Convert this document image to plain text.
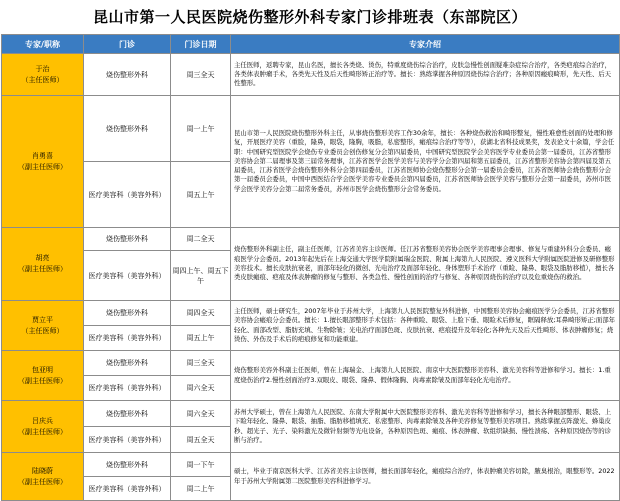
昆山市第一人民医院烧伤整形外科专家门诊排班表（东部院区）
专家/职称	门诊	门诊日期	专家介绍

于治
（主任医师）	烧伤整形外科	周三全天	主任医师，返聘专家，昆山名医，擅长各类烧、烫伤，特重度烧伤综合治疗，皮肤急慢性创面疑难杂症综合治疗，各类疤痕综合治疗，各类体表肿瘤手术，各类先天性及后天性畸形矫正治疗等。擅长：熟练掌握各种原因烧伤综合治疗；各种原因瘢痕畸形，先天性、后天性整形。

肖勇喜
（副主任医师）	烧伤整形外科	周一上午	昆山市第一人民医院烧伤整形外科主任，从事烧伤整形美容工作30余年，擅长：各种烧伤救治和畸形整复，慢性难愈性创面的处理和修复，开展医疗美容（重脸，隆鼻，眼袋，隆胸，吸脂，私密整形，瘢痕综合治疗等等），获湖北省科技成果奖，发表论文十余篇，学会任职：中国研究型医院学会烧伤专业委员会创伤修复分会第四届委员，中国研究型医院学会美容医学专业委员会第一届委员，江苏省整形美容协会第二届理事及第三届常务理事，江苏省医学会医学美容与美容学分会第四届和第五届委员，江苏省整形美容协会第四届及第五届委员，江苏省医学会烧伤整形外科分会第四届委员，江苏省医师协会烧伤整形分会第一届委员会委员，江苏省医师协会烧伤整形分会第一届委员会委员，中国中西医结合学会医学美容专业委员会第四届委员，江苏省医师协会医学美容与整形分会第一届委员，苏州市医学会医学美容分会第二届常务委员，苏州市医学会烧伤整形分会常务委员。
	医疗美容科（美容外科）	周五上午	

胡亮
（副主任医师）	烧伤整形外科	周二全天	烧伤整形外科副主任，副主任医师，江苏省美容主诊医师。任江苏省整形美容协会医学美容理事会理事、修复与重建外科分会委员、瘢痕医学分会委员。2013年起先后在上海交通大学医学院附属瑞金医院、附属上海第九人民医院、遵义医科大学附属医院进修及研修整形美容技术。擅长皮肤抗衰老，面部年轻化的微创、光电治疗及面部年轻化、身体塑形手术治疗（重睑、隆鼻、眼袋及脂肪移植），擅长各类皮肤瘢痕、疤痕及体表肿瘤的修复与整形、各类急性、慢性创面的治疗与修复、各种原因烧伤的治疗以及危重烧伤的救治。
	医疗美容科（美容外科）	周四上午、周五下午	

贾立平
（主任医师）	烧伤整形外科	周四全天	主任医师，硕士研究生，2007年毕业于苏州大学，上海第九人民医院整复外科进修，中国整形美容协会瘢痕医学分会委员，江苏省整形美容协会瘢痕分会委员。擅长：1.擅长眼部整形手术包括：各种重睑、眼袋、上脸下垂、眼睑术后修复，眶隔释放;耳鼻畸形矫正;面部年轻化、面部改型、脂肪充填、生物除皱；光电治疗面部色斑、皮肤抗衰、疤痕提升及年轻化;各种先天及后天性畸形、体表肿瘤修复；烧烫伤、外伤及手术后的疤痕修复和功能重建。
	医疗美容科（美容外科）	周五上午	

包亚明
（副主任医师）	烧伤整形外科	周三全天	烧伤整形美容外科副主任医师，曾在上海瑞金、上海第九人民医院、南京中大医院整形美容科、激光美容科等进修和学习。擅长：1.重度烧伤治疗2.慢性创面治疗3.双眼皮、眼袋、隆鼻、假体隆胸、肉毒素除皱及面部年轻化光电治疗。
	医疗美容科（美容外科）	周六全天	

吕庆兵
（副主任医师）	烧伤整形外科	周六全天	苏州大学硕士，曾在上海第九人民医院、东南大学附属中大医院整形美容科、激光美容科等进修和学习，擅长各种眼部整形、眼袋、上下睑年轻化、隆鼻、眼袋、抽脂、脂肪移植填充、私密整形、肉毒素除皱及各种美容修复等整形美容项目。熟练掌握点阵激光、蜂巢皮秒、超光子、光子、染料激光及微针射频等光电设备，各种原因色斑、瘢痕、体表肿瘤、软组织缺损、慢性溃疡、各种原因烧伤等的诊断与治疗。
	医疗美容科（美容外科）	周五全天	

陆晓蔚
（副主任医师）	烧伤整形外科	周一下午	硕士，毕业于南京医科大学、江苏省美容主诊医师，擅长面部年轻化，瘢痕综合治疗，体表肿瘤美容切除，腋臭根治，眼整形等。2022年于苏州大学附属第二医院整形美容科进修学习。
	医疗美容科（美容外科）	周二上午	
